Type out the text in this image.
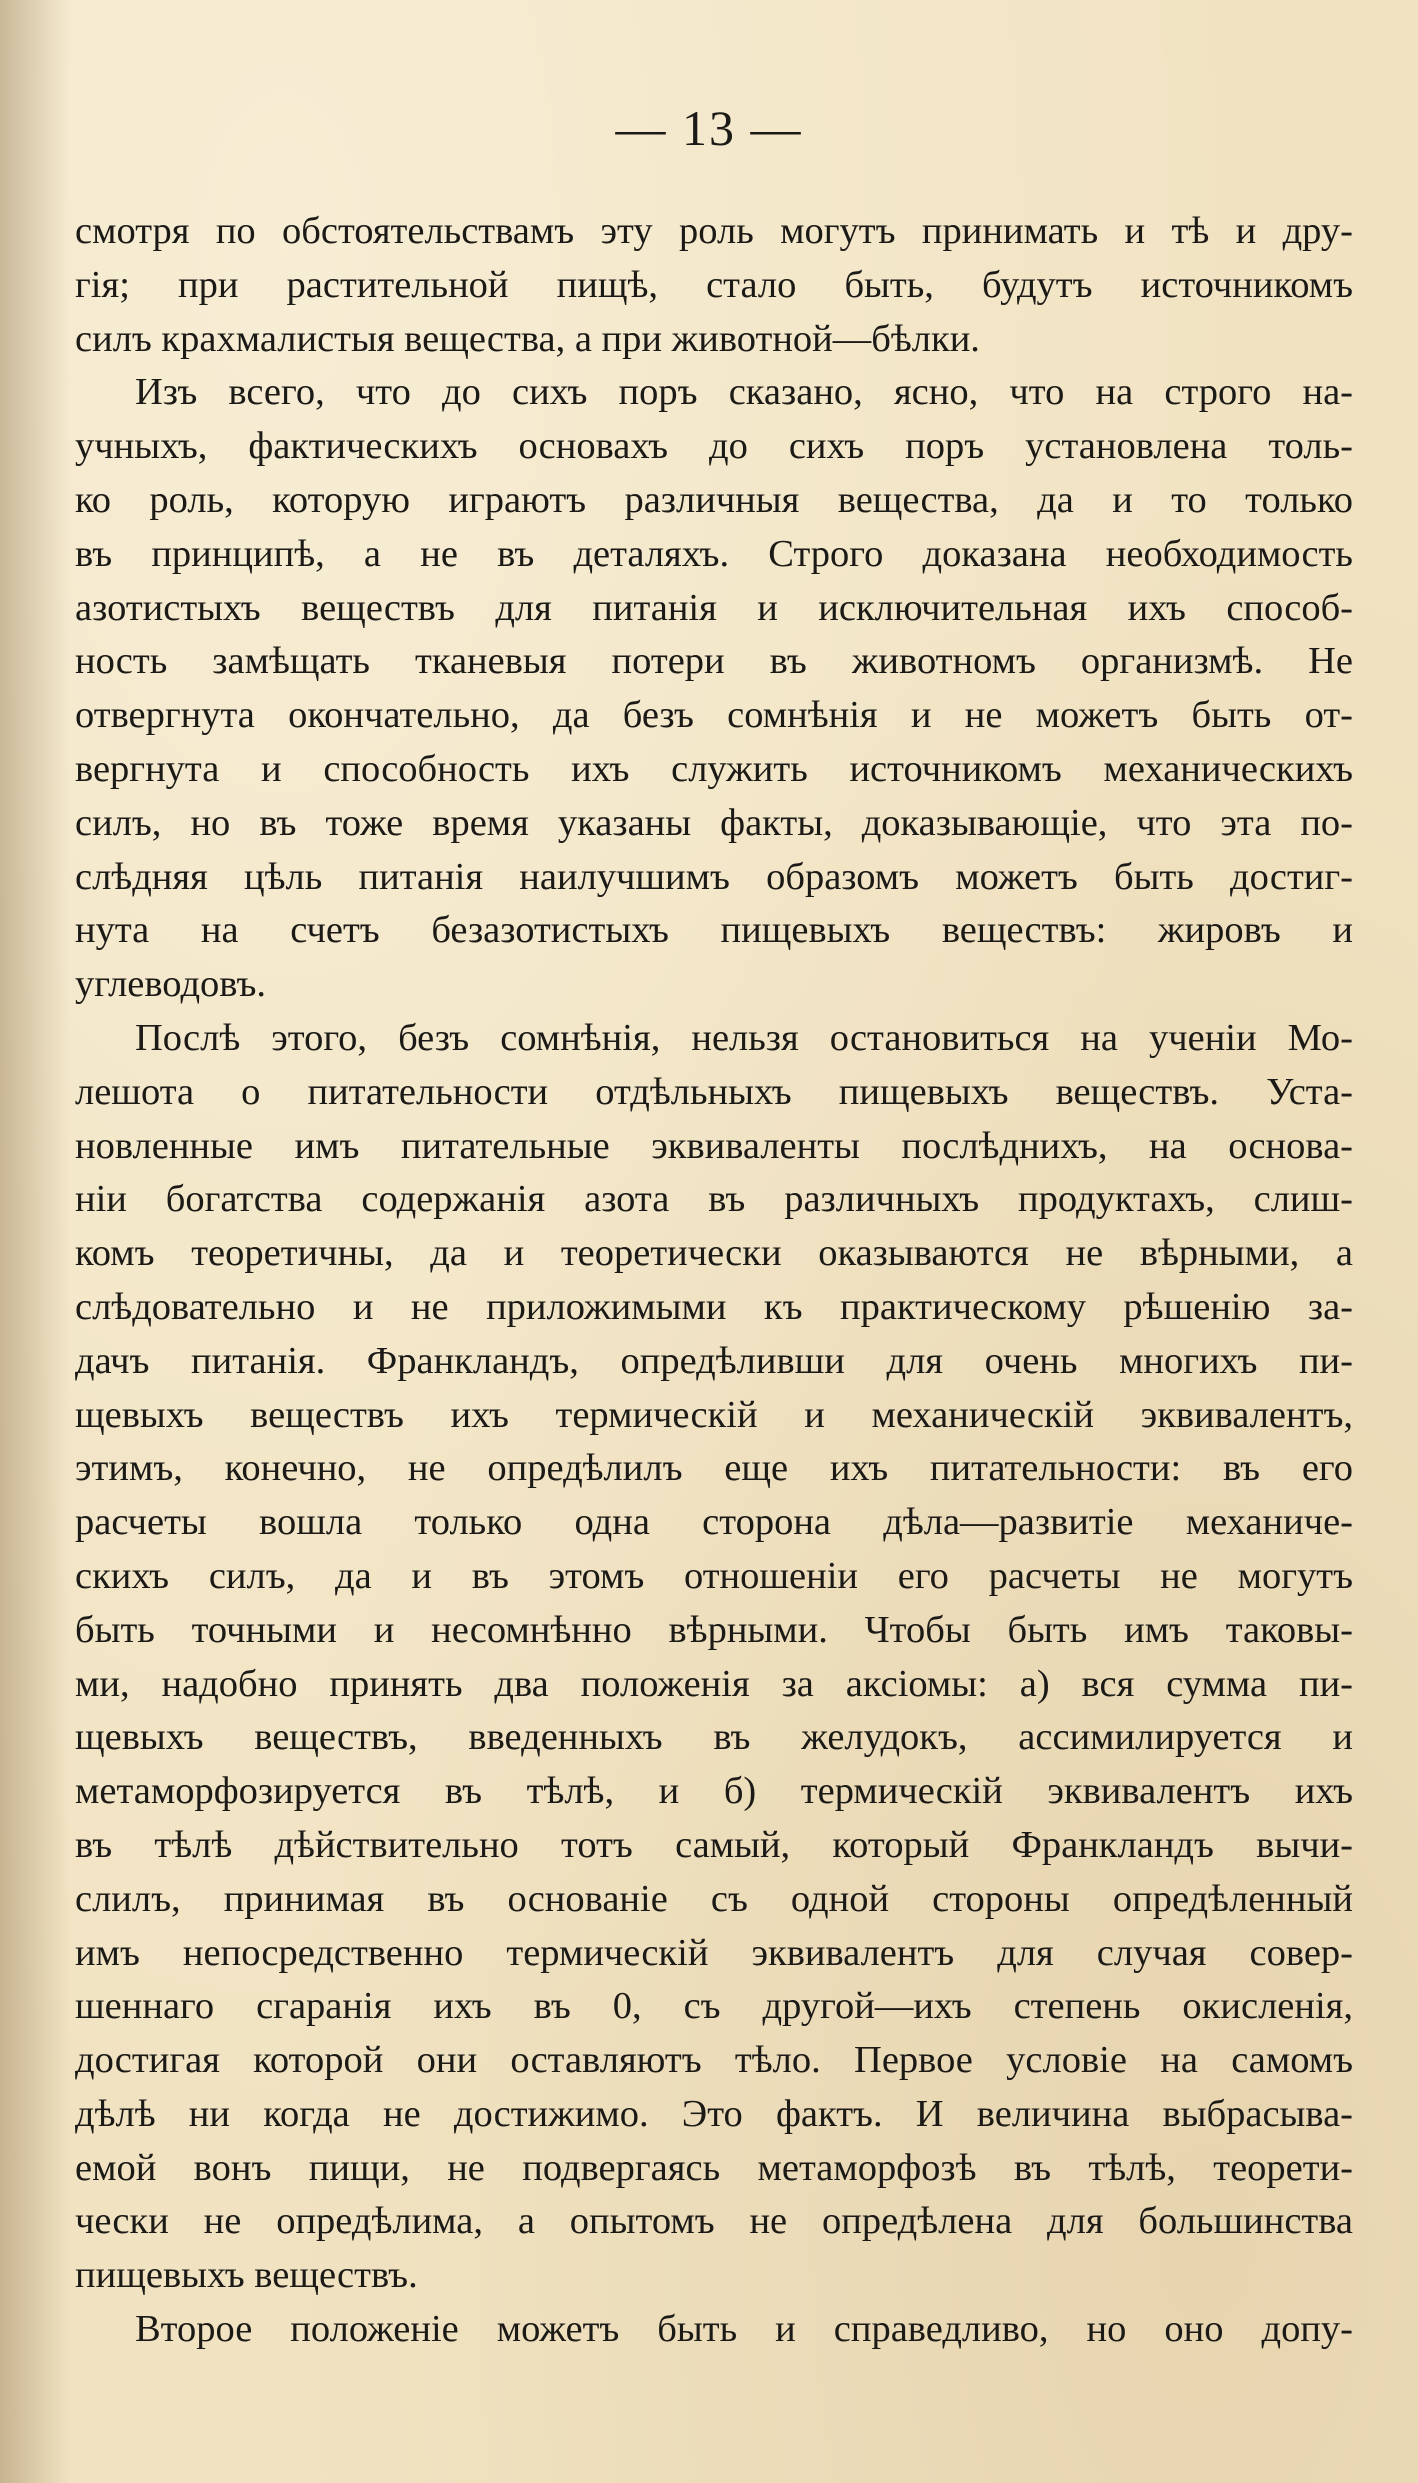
— 13 —
смотря по обстоятельствамъ эту роль могутъ принимать и тѣ и дру-
гія; при растительной пищѣ, стало быть, будутъ источникомъ
силъ крахмалистыя вещества, а при животной—бѣлки.
Изъ всего, что до сихъ поръ сказано, ясно, что на строго на-
учныхъ, фактическихъ основахъ до сихъ поръ установлена толь-
ко роль, которую играютъ различныя вещества, да и то только
въ принципѣ, а не въ деталяхъ. Строго доказана необходимость
азотистыхъ веществъ для питанія и исключительная ихъ способ-
ность замѣщать тканевыя потери въ животномъ организмѣ. Не
отвергнута окончательно, да безъ сомнѣнія и не можетъ быть от-
вергнута и способность ихъ служить источникомъ механическихъ
силъ, но въ тоже время указаны факты, доказывающіе, что эта по-
слѣдняя цѣль питанія наилучшимъ образомъ можетъ быть достиг-
нута на счетъ безазотистыхъ пищевыхъ веществъ: жировъ и
углеводовъ.
Послѣ этого, безъ сомнѣнія, нельзя остановиться на ученіи Мо-
лешота о питательности отдѣльныхъ пищевыхъ веществъ. Уста-
новленные имъ питательные эквиваленты послѣднихъ, на основа-
ніи богатства содержанія азота въ различныхъ продуктахъ, слиш-
комъ теоретичны, да и теоретически оказываются не вѣрными, а
слѣдовательно и не приложимыми къ практическому рѣшенію за-
дачъ питанія. Франкландъ, опредѣливши для очень многихъ пи-
щевыхъ веществъ ихъ термическій и механическій эквивалентъ,
этимъ, конечно, не опредѣлилъ еще ихъ питательности: въ его
расчеты вошла только одна сторона дѣла—развитіе механиче-
скихъ силъ, да и въ этомъ отношеніи его расчеты не могутъ
быть точными и несомнѣнно вѣрными. Чтобы быть имъ таковы-
ми, надобно принять два положенія за аксіомы: а) вся сумма пи-
щевыхъ веществъ, введенныхъ въ желудокъ, ассимилируется и
метаморфозируется въ тѣлѣ, и б) термическій эквивалентъ ихъ
въ тѣлѣ дѣйствительно тотъ самый, который Франкландъ вычи-
слилъ, принимая въ основаніе съ одной стороны опредѣленный
имъ непосредственно термическій эквивалентъ для случая совер-
шеннаго сгаранія ихъ въ 0, съ другой—ихъ степень окисленія,
достигая которой они оставляютъ тѣло. Первое условіе на самомъ
дѣлѣ ни когда не достижимо. Это фактъ. И величина выбрасыва-
емой вонъ пищи, не подвергаясь метаморфозѣ въ тѣлѣ, теорети-
чески не опредѣлима, а опытомъ не опредѣлена для большинства
пищевыхъ веществъ.
Второе положеніе можетъ быть и справедливо, но оно допу-
